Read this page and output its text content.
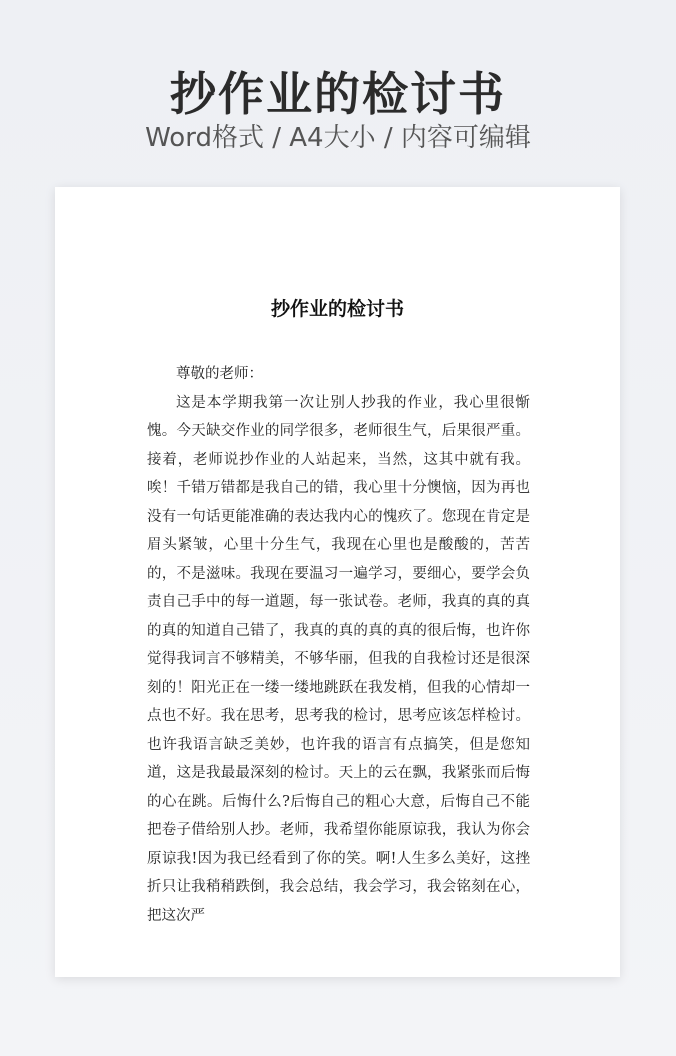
抄作业的检讨书
Word格式 / A4大小 / 内容可编辑
抄作业的检讨书

尊敬的老师：

这是本学期我第一次让别人抄我的作业，我心里很惭愧。今天缺交作业的同学很多，老师很生气，后果很严重。接着，老师说抄作业的人站起来，当然，这其中就有我。唉！千错万错都是我自己的错，我心里十分懊恼，因为再也没有一句话更能准确的表达我内心的愧疚了。您现在肯定是眉头紧皱，心里十分生气，我现在心里也是酸酸的，苦苦的，不是滋味。我现在要温习一遍学习，要细心，要学会负责自己手中的每一道题，每一张试卷。老师，我真的真的真的真的知道自己错了，我真的真的真的真的很后悔，也许你觉得我词言不够精美，不够华丽，但我的自我检讨还是很深刻的！阳光正在一缕一缕地跳跃在我发梢，但我的心情却一点也不好。我在思考，思考我的检讨，思考应该怎样检讨。也许我语言缺乏美妙，也许我的语言有点搞笑，但是您知道，这是我最最深刻的检讨。天上的云在飘，我紧张而后悔的心在跳。后悔什么?后悔自己的粗心大意，后悔自己不能把卷子借给别人抄。老师，我希望你能原谅我，我认为你会原谅我!因为我已经看到了你的笑。啊!人生多么美好，这挫折只让我稍稍跌倒，我会总结，我会学习，我会铭刻在心，把这次严
